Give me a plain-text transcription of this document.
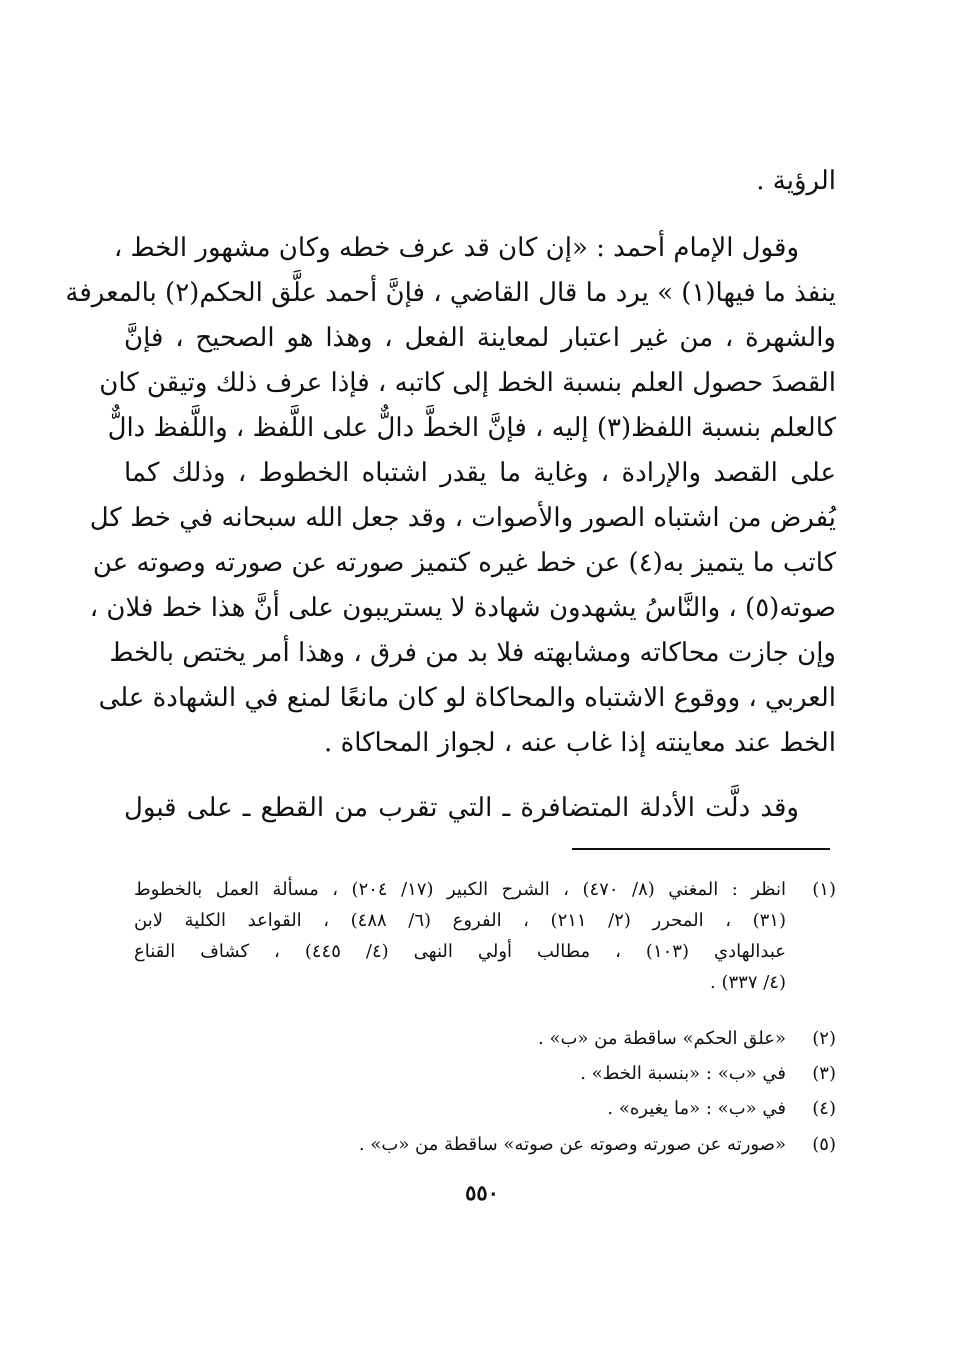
الرؤية .
وقول الإمام أحمد : «إن كان قد عرف خطه وكان مشهور الخط ،
ينفذ ما فيها(١) » يرد ما قال القاضي ، فإنَّ أحمد علَّق الحكم(٢) بالمعرفة
والشهرة ، من غير اعتبار لمعاينة الفعل ، وهذا هو الصحيح ، فإنَّ
القصدَ حصول العلم بنسبة الخط إلى كاتبه ، فإذا عرف ذلك وتيقن كان
كالعلم بنسبة اللفظ(٣) إليه ، فإنَّ الخطَّ دالٌّ على اللَّفظ ، واللَّفظ دالٌّ
على القصد والإرادة ، وغاية ما يقدر اشتباه الخطوط ، وذلك كما
يُفرض من اشتباه الصور والأصوات ، وقد جعل الله سبحانه في خط كل
كاتب ما يتميز به(٤) عن خط غيره كتميز صورته عن صورته وصوته عن
صوته(٥) ، والنَّاسُ يشهدون شهادة لا يستريبون على أنَّ هذا خط فلان ،
وإن جازت محاكاته ومشابهته فلا بد من فرق ، وهذا أمر يختص بالخط
العربي ، ووقوع الاشتباه والمحاكاة لو كان مانعًا لمنع في الشهادة على
الخط عند معاينته إذا غاب عنه ، لجواز المحاكاة .
وقد دلَّت الأدلة المتضافرة ـ التي تقرب من القطع ـ على قبول
(١)
انظر : المغني (٨/ ٤٧٠) ، الشرح الكبير (١٧/ ٢٠٤) ، مسألة العمل بالخطوط
(٣١) ، المحرر (٢/ ٢١١) ، الفروع (٦/ ٤٨٨) ، القواعد الكلية لابن
عبدالهادي (١٠٣) ، مطالب أولي النهى (٤/ ٤٤٥) ، كشاف القناع
(٤/ ٣٣٧) .
(٢)
«علق الحكم» ساقطة من «ب» .
(٣)
في «ب» : «بنسبة الخط» .
(٤)
في «ب» : «ما يغيره» .
(٥)
«صورته عن صورته وصوته عن صوته» ساقطة من «ب» .
٥٥٠
